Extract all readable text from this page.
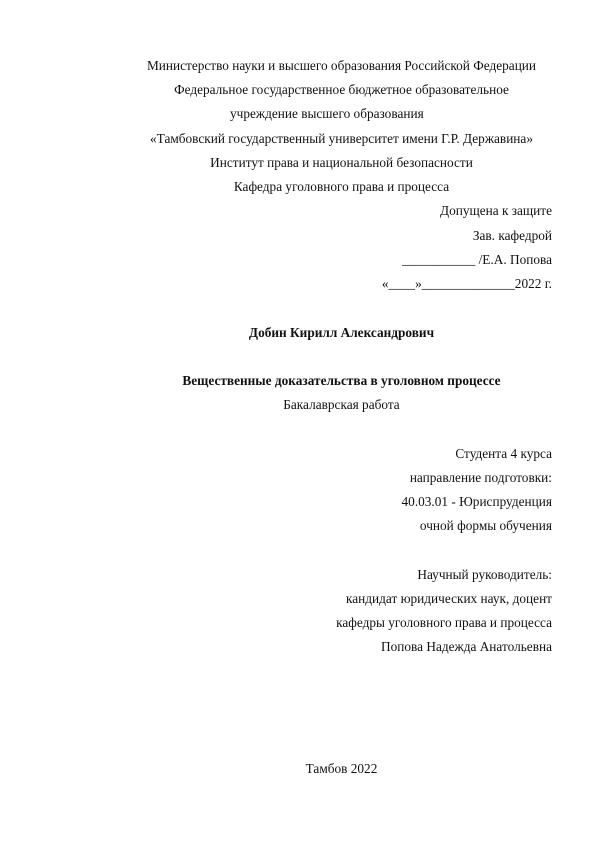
Министерство науки и высшего образования Российской Федерации
Федеральное государственное бюджетное образовательное
учреждение высшего образования
«Тамбовский государственный университет имени Г.Р. Державина»
Институт права и национальной безопасности
Кафедра уголовного права и процесса
Допущена к защите
Зав. кафедрой
___________ /Е.А. Попова
«____»______________2022 г.
Добин Кирилл Александрович
Вещественные доказательства в уголовном процессе
Бакалаврская работа
Студента 4 курса
направление подготовки:
40.03.01 - Юриспруденция
очной формы обучения
Научный руководитель:
кандидат юридических наук, доцент
кафедры уголовного права и процесса
Попова Надежда Анатольевна
Тамбов 2022
